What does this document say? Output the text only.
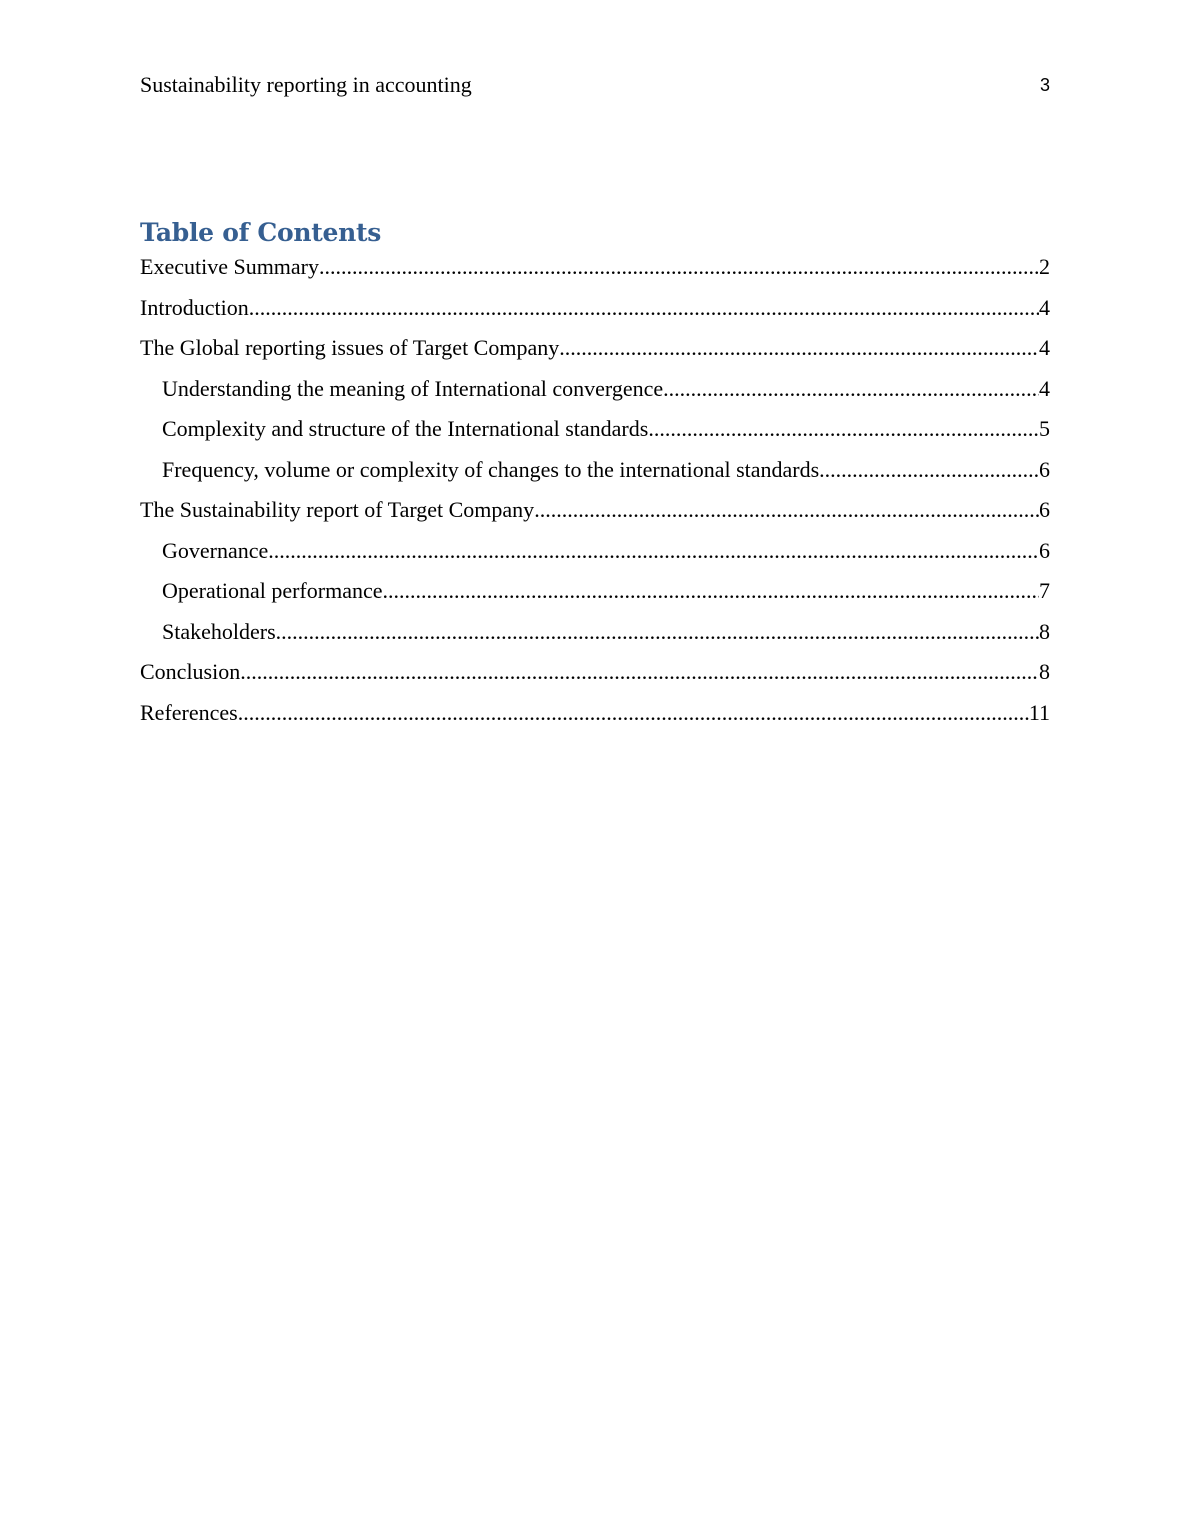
Sustainability reporting in accounting	3
Table of Contents
Executive Summary .....	2
Introduction .....	4
The Global reporting issues of Target Company .....	4
Understanding the meaning of International convergence .....	4
Complexity and structure of the International standards .....	5
Frequency, volume or complexity of changes to the international standards .....	6
The Sustainability report of Target Company .....	6
Governance .....	6
Operational performance .....	7
Stakeholders .....	8
Conclusion .....	8
References .....	11
